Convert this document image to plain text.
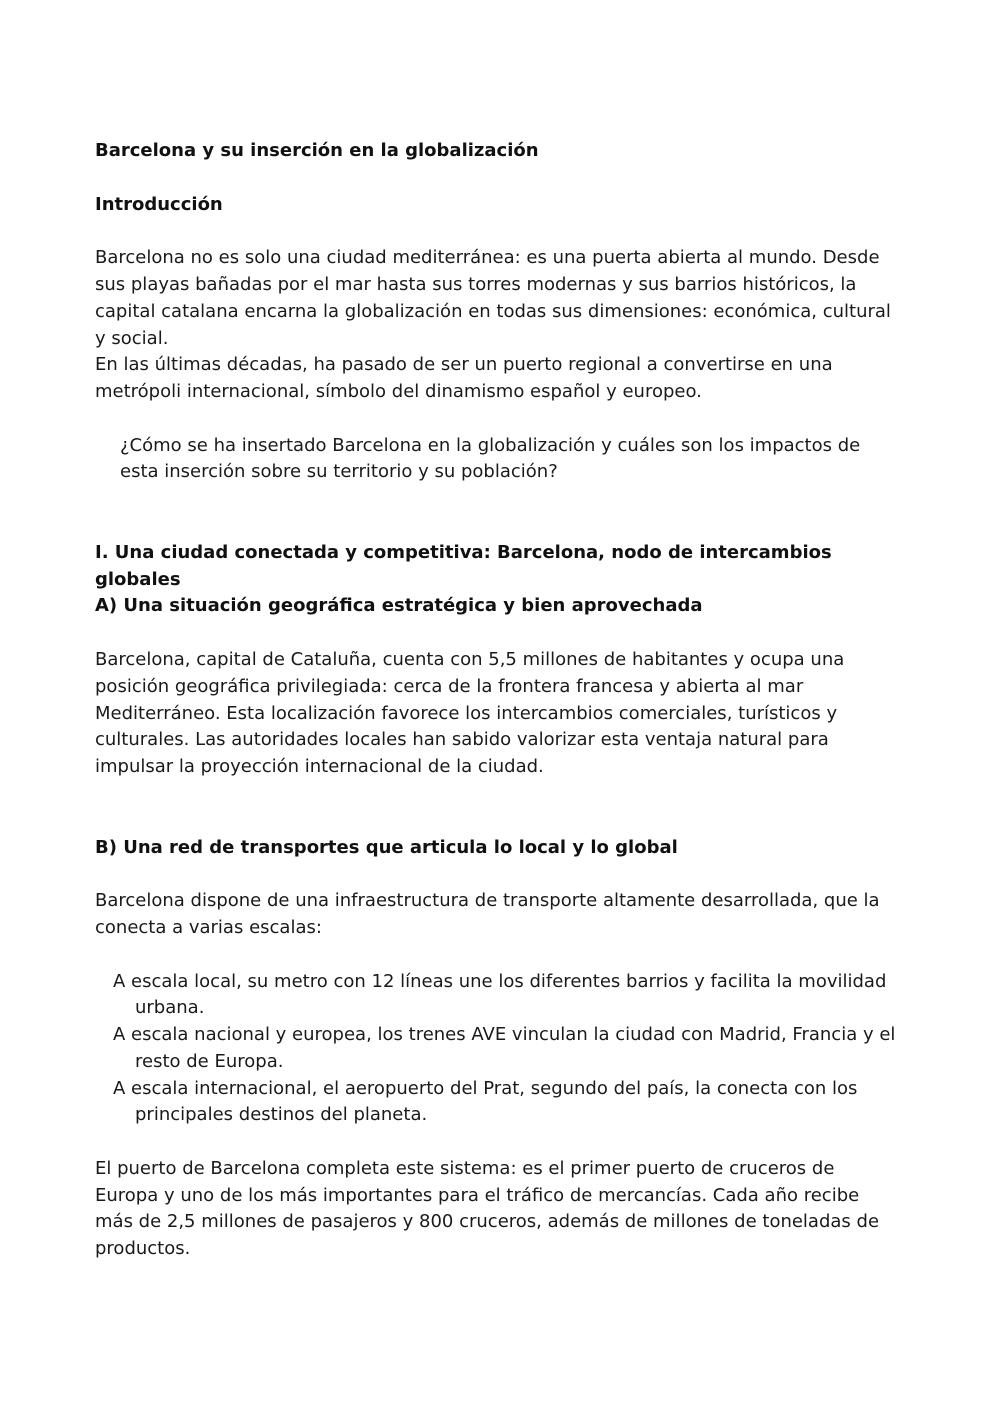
Barcelona y su inserción en la globalización

Introducción

Barcelona no es solo una ciudad mediterránea: es una puerta abierta al mundo. Desde sus playas bañadas por el mar hasta sus torres modernas y sus barrios históricos, la capital catalana encarna la globalización en todas sus dimensiones: económica, cultural y social.

En las últimas décadas, ha pasado de ser un puerto regional a convertirse en una metrópoli internacional, símbolo del dinamismo español y europeo.

¿Cómo se ha insertado Barcelona en la globalización y cuáles son los impactos de esta inserción sobre su territorio y su población?

I. Una ciudad conectada y competitiva: Barcelona, nodo de intercambios globales

A) Una situación geográfica estratégica y bien aprovechada

Barcelona, capital de Cataluña, cuenta con 5,5 millones de habitantes y ocupa una posición geográfica privilegiada: cerca de la frontera francesa y abierta al mar Mediterráneo. Esta localización favorece los intercambios comerciales, turísticos y culturales. Las autoridades locales han sabido valorizar esta ventaja natural para impulsar la proyección internacional de la ciudad.

B) Una red de transportes que articula lo local y lo global

Barcelona dispone de una infraestructura de transporte altamente desarrollada, que la conecta a varias escalas:

A escala local, su metro con 12 líneas une los diferentes barrios y facilita la movilidad urbana.
A escala nacional y europea, los trenes AVE vinculan la ciudad con Madrid, Francia y el resto de Europa.
A escala internacional, el aeropuerto del Prat, segundo del país, la conecta con los principales destinos del planeta.

El puerto de Barcelona completa este sistema: es el primer puerto de cruceros de Europa y uno de los más importantes para el tráfico de mercancías. Cada año recibe más de 2,5 millones de pasajeros y 800 cruceros, además de millones de toneladas de productos.
